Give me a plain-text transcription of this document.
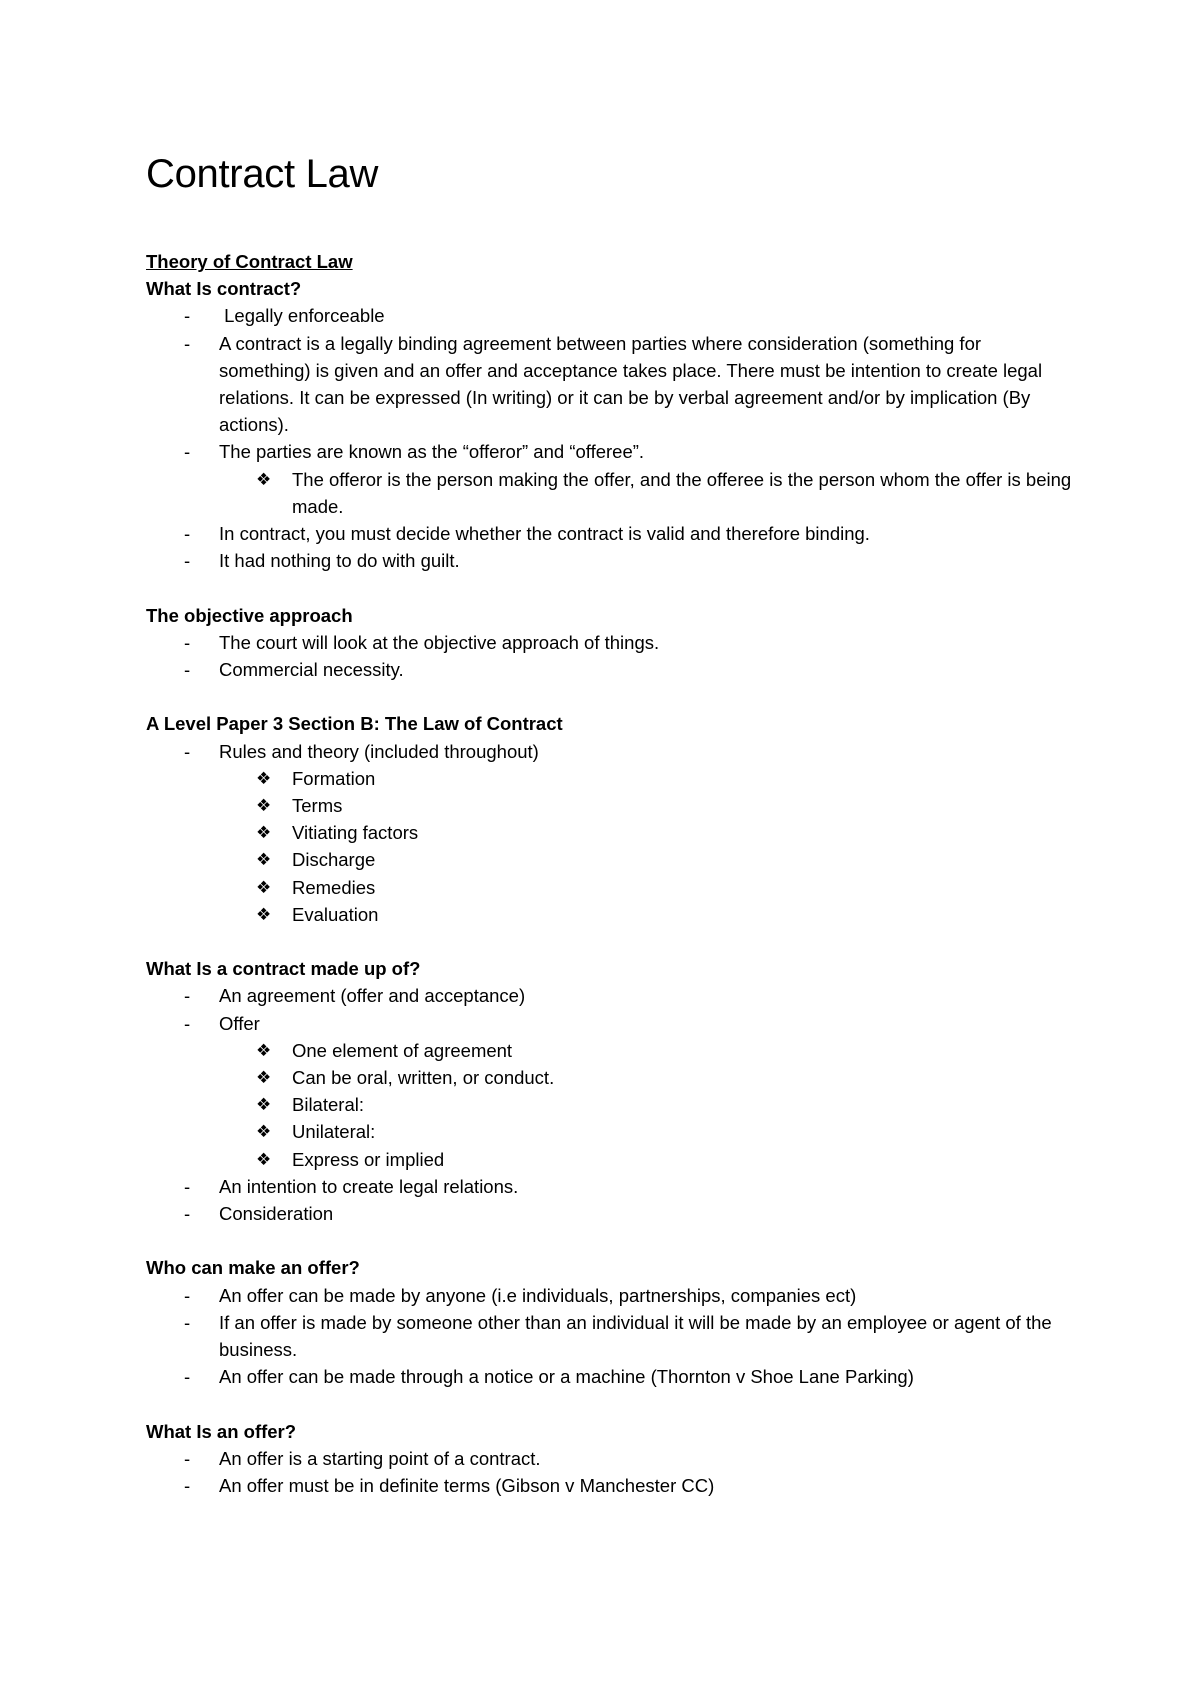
Contract Law
Theory of Contract Law
What Is contract?
- Legally enforceable
- A contract is a legally binding agreement between parties where consideration (something for something) is given and an offer and acceptance takes place. There must be intention to create legal relations. It can be expressed (In writing) or it can be by verbal agreement and/or by implication (By actions).
- The parties are known as the “offeror” and “offeree”.
❖ The offeror is the person making the offer, and the offeree is the person whom the offer is being made.
- In contract, you must decide whether the contract is valid and therefore binding.
- It had nothing to do with guilt.
The objective approach
- The court will look at the objective approach of things.
- Commercial necessity.
A Level Paper 3 Section B: The Law of Contract
- Rules and theory (included throughout)
❖ Formation
❖ Terms
❖ Vitiating factors
❖ Discharge
❖ Remedies
❖ Evaluation
What Is a contract made up of?
- An agreement (offer and acceptance)
- Offer
❖ One element of agreement
❖ Can be oral, written, or conduct.
❖ Bilateral:
❖ Unilateral:
❖ Express or implied
- An intention to create legal relations.
- Consideration
Who can make an offer?
- An offer can be made by anyone (i.e individuals, partnerships, companies ect)
- If an offer is made by someone other than an individual it will be made by an employee or agent of the business.
- An offer can be made through a notice or a machine (Thornton v Shoe Lane Parking)
What Is an offer?
- An offer is a starting point of a contract.
- An offer must be in definite terms (Gibson v Manchester CC)
